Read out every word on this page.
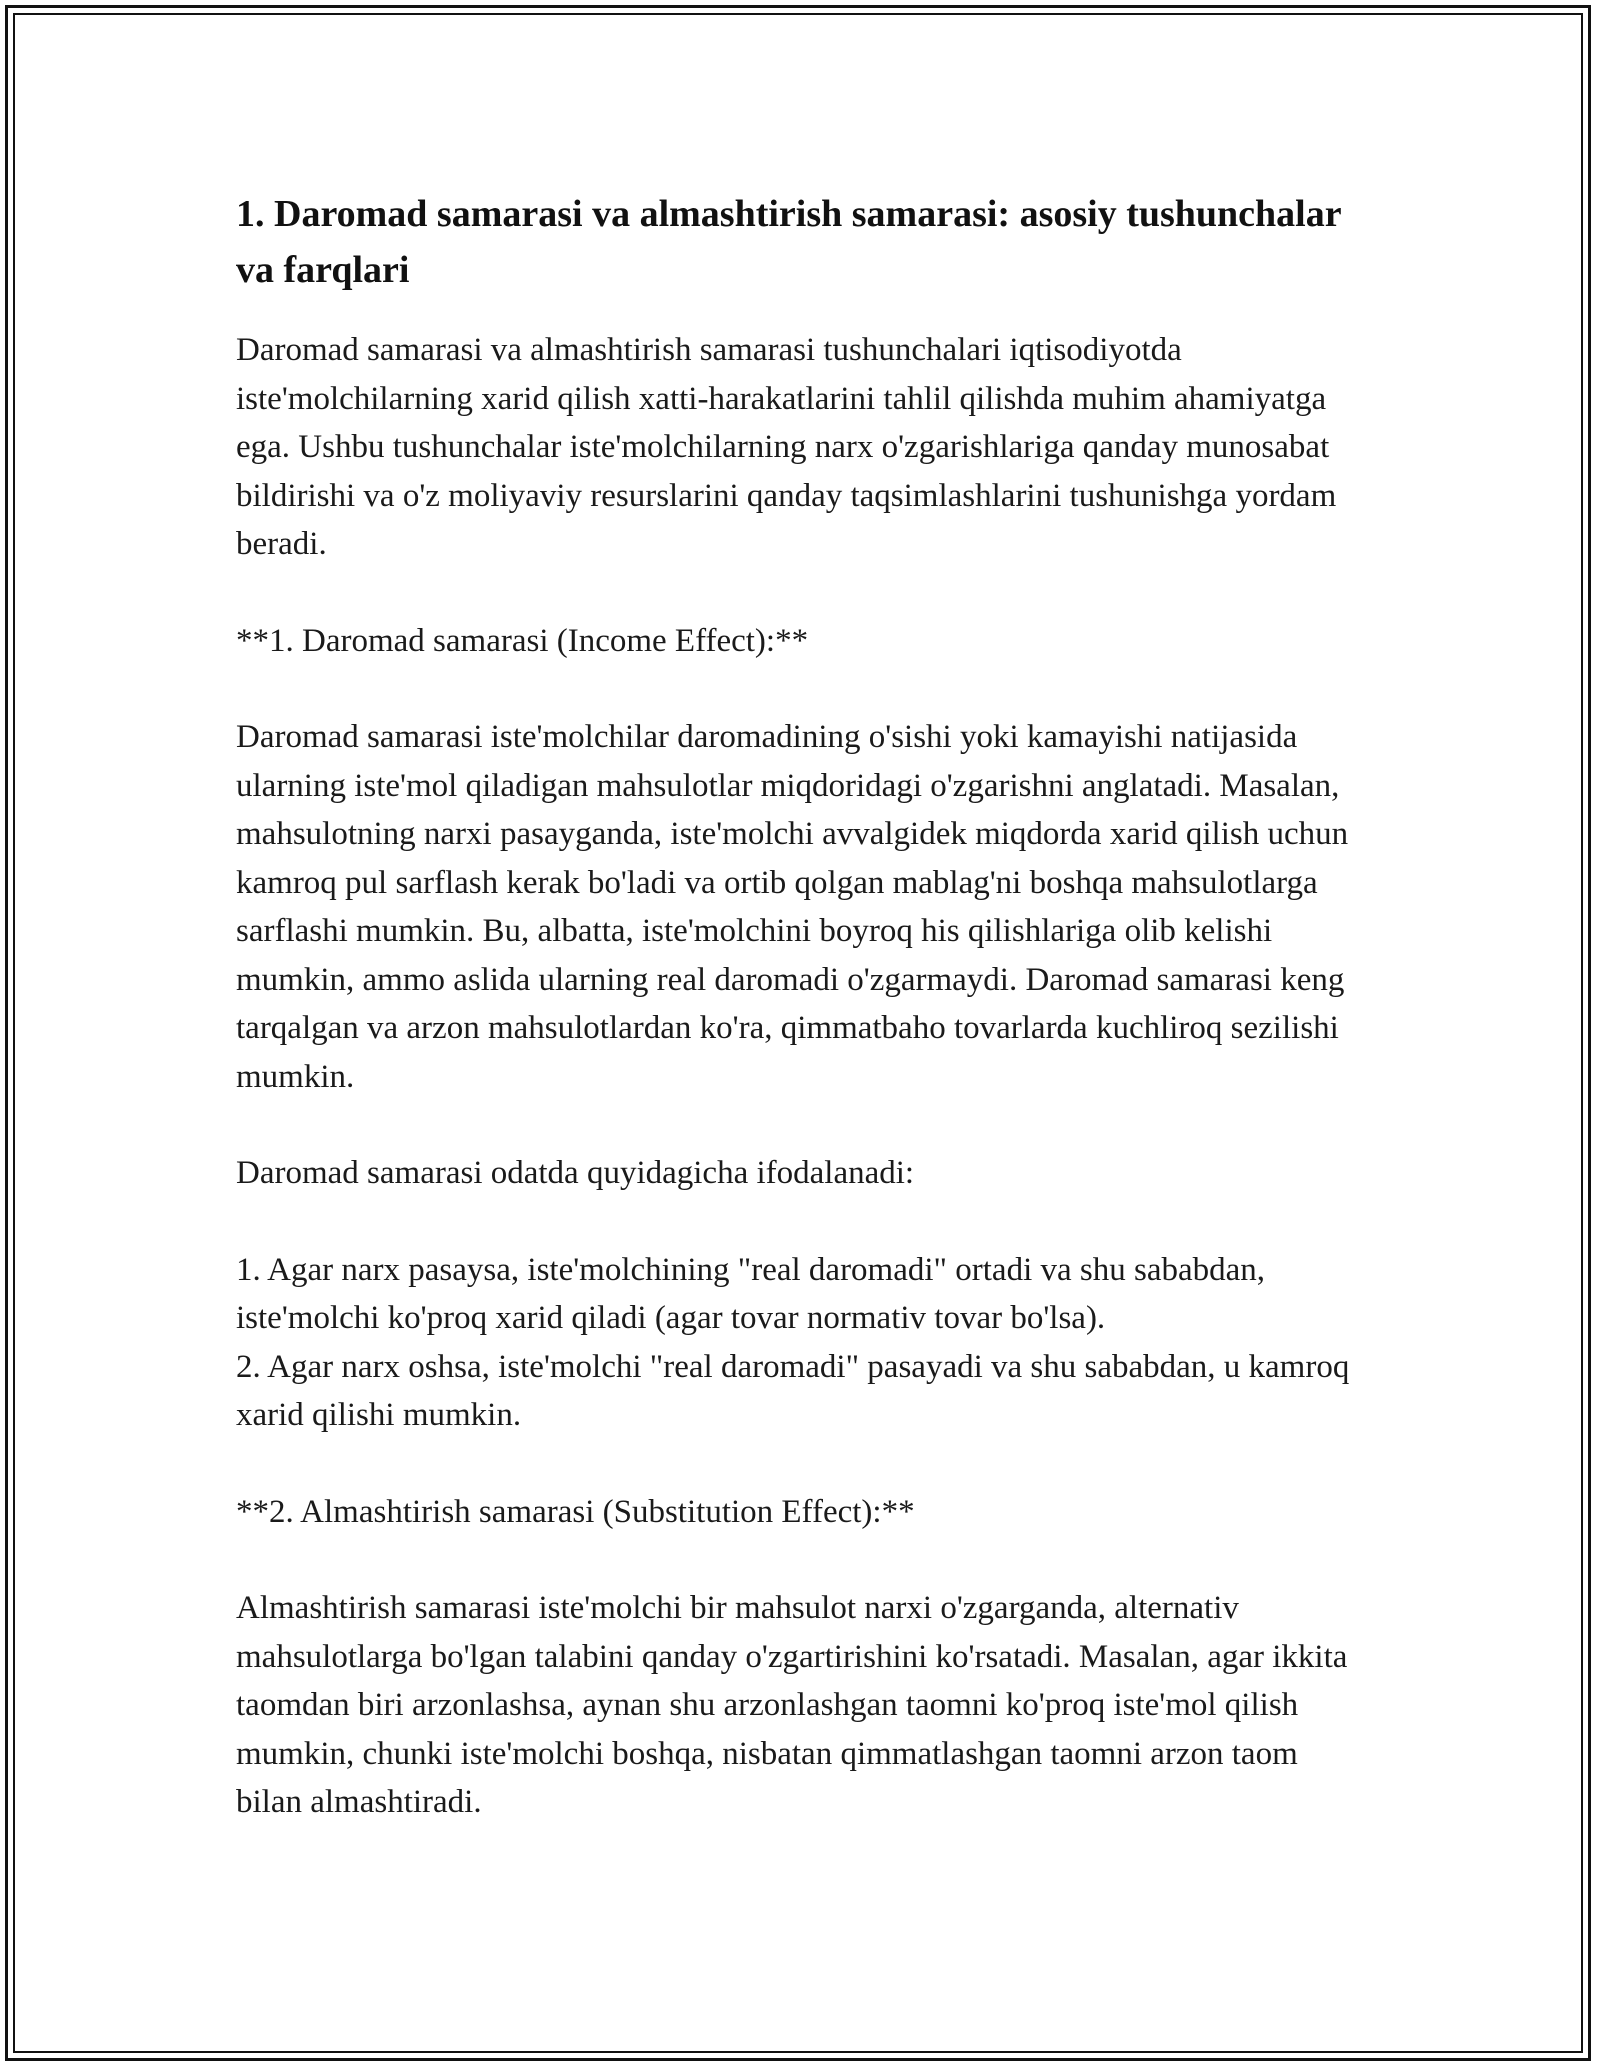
1. Daromad samarasi va almashtirish samarasi: asosiy tushunchalar va farqlari

Daromad samarasi va almashtirish samarasi tushunchalari iqtisodiyotda iste'molchilarning xarid qilish xatti-harakatlarini tahlil qilishda muhim ahamiyatga ega. Ushbu tushunchalar iste'molchilarning narx o'zgarishlariga qanday munosabat bildirishi va o'z moliyaviy resurslarini qanday taqsimlashlarini tushunishga yordam beradi.

**1. Daromad samarasi (Income Effect):**

Daromad samarasi iste'molchilar daromadining o'sishi yoki kamayishi natijasida ularning iste'mol qiladigan mahsulotlar miqdoridagi o'zgarishni anglatadi. Masalan, mahsulotning narxi pasayganda, iste'molchi avvalgidek miqdorda xarid qilish uchun kamroq pul sarflash kerak bo'ladi va ortib qolgan mablag'ni boshqa mahsulotlarga sarflashi mumkin. Bu, albatta, iste'molchini boyroq his qilishlariga olib kelishi mumkin, ammo aslida ularning real daromadi o'zgarmaydi. Daromad samarasi keng tarqalgan va arzon mahsulotlardan ko'ra, qimmatbaho tovarlarda kuchliroq sezilishi mumkin.

Daromad samarasi odatda quyidagicha ifodalanadi:

1. Agar narx pasaysa, iste'molchining "real daromadi" ortadi va shu sababdan, iste'molchi ko'proq xarid qiladi (agar tovar normativ tovar bo'lsa).
2. Agar narx oshsa, iste'molchi "real daromadi" pasayadi va shu sababdan, u kamroq xarid qilishi mumkin.

**2. Almashtirish samarasi (Substitution Effect):**

Almashtirish samarasi iste'molchi bir mahsulot narxi o'zgarganda, alternativ mahsulotlarga bo'lgan talabini qanday o'zgartirishini ko'rsatadi. Masalan, agar ikkita taomdan biri arzonlashsa, aynan shu arzonlashgan taomni ko'proq iste'mol qilish mumkin, chunki iste'molchi boshqa, nisbatan qimmatlashgan taomni arzon taom bilan almashtiradi.
